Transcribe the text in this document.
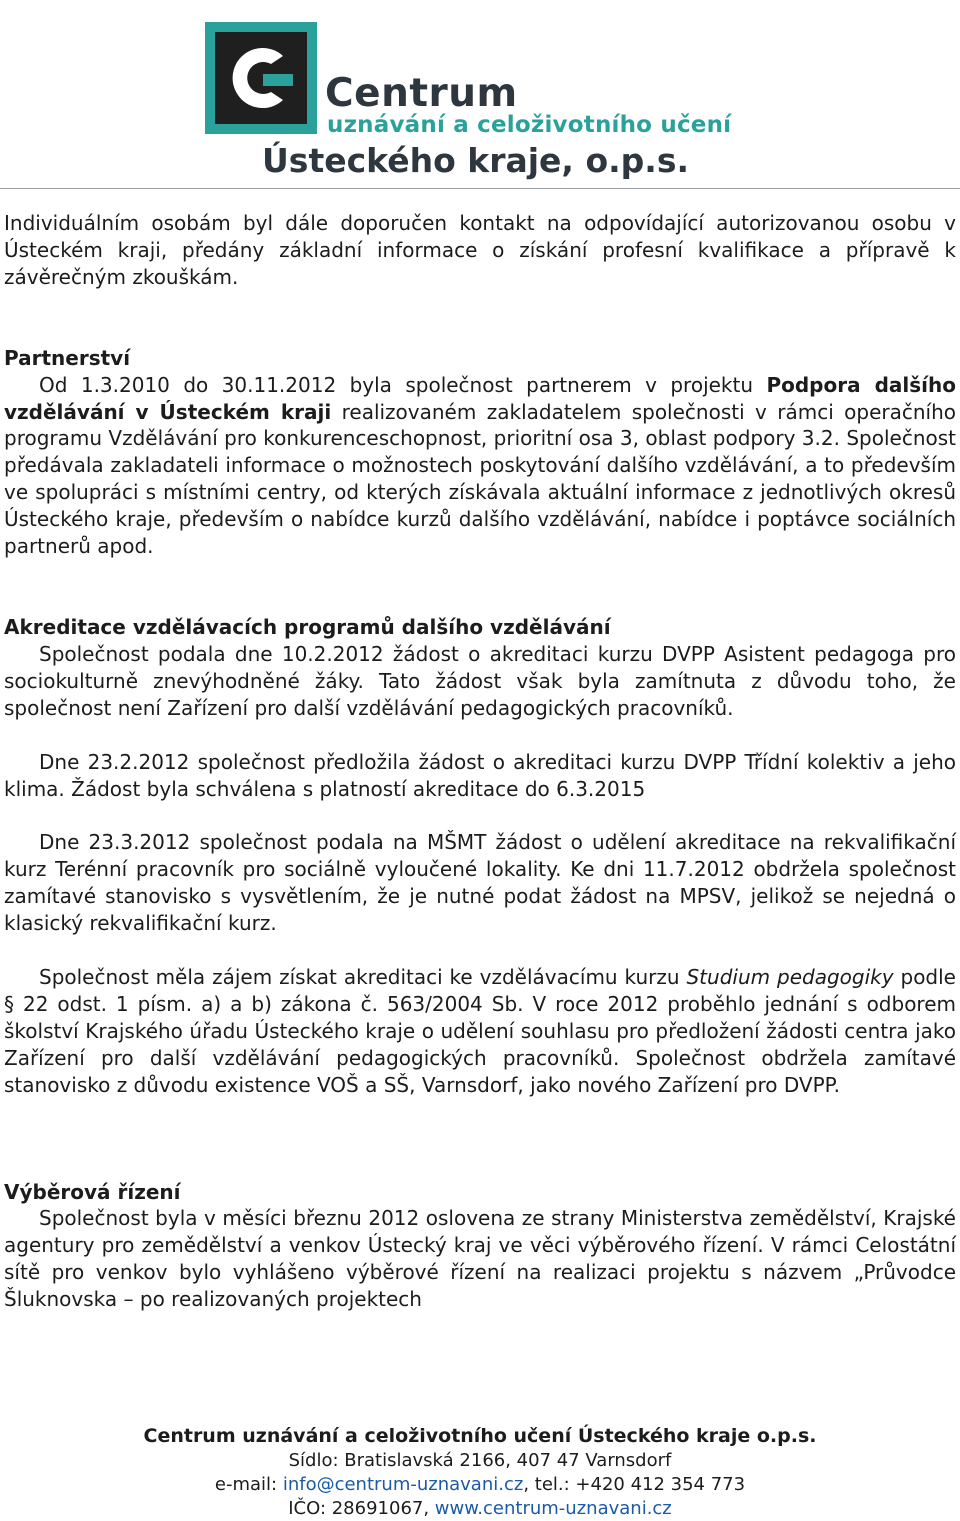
Centrum
uznávání a celoživotního učení
Ústeckého kraje, o.p.s.

Individuálním osobám byl dále doporučen kontakt na odpovídající autorizovanou osobu v Ústeckém kraji, předány základní informace o získání profesní kvalifikace a přípravě k závěrečným zkouškám.

Partnerství

Od 1.3.2010 do 30.11.2012 byla společnost partnerem v projektu Podpora dalšího vzdělávání v Ústeckém kraji realizovaném zakladatelem společnosti v rámci operačního programu Vzdělávání pro konkurenceschopnost, prioritní osa 3, oblast podpory 3.2. Společnost předávala zakladateli informace o možnostech poskytování dalšího vzdělávání, a to především ve spolupráci s místními centry, od kterých získávala aktuální informace z jednotlivých okresů Ústeckého kraje, především o nabídce kurzů dalšího vzdělávání, nabídce i poptávce sociálních partnerů apod.

Akreditace vzdělávacích programů dalšího vzdělávání

Společnost podala dne 10.2.2012 žádost o akreditaci kurzu DVPP Asistent pedagoga pro sociokulturně znevýhodněné žáky. Tato žádost však byla zamítnuta z důvodu toho, že společnost není Zařízení pro další vzdělávání pedagogických pracovníků.

Dne 23.2.2012 společnost předložila žádost o akreditaci kurzu DVPP Třídní kolektiv a jeho klima. Žádost byla schválena s platností akreditace do 6.3.2015

Dne 23.3.2012 společnost podala na MŠMT žádost o udělení akreditace na rekvalifikační kurz Terénní pracovník pro sociálně vyloučené lokality. Ke dni 11.7.2012 obdržela společnost zamítavé stanovisko s vysvětlením, že je nutné podat žádost na MPSV, jelikož se nejedná o klasický rekvalifikační kurz.

Společnost měla zájem získat akreditaci ke vzdělávacímu kurzu Studium pedagogiky podle § 22 odst. 1 písm. a) a b) zákona č. 563/2004 Sb. V roce 2012 proběhlo jednání s odborem školství Krajského úřadu Ústeckého kraje o udělení souhlasu pro předložení žádosti centra jako Zařízení pro další vzdělávání pedagogických pracovníků. Společnost obdržela zamítavé stanovisko z důvodu existence VOŠ a SŠ, Varnsdorf, jako nového Zařízení pro DVPP.

Výběrová řízení

Společnost byla v měsíci březnu 2012 oslovena ze strany Ministerstva zemědělství, Krajské agentury pro zemědělství a venkov Ústecký kraj ve věci výběrového řízení. V rámci Celostátní sítě pro venkov bylo vyhlášeno výběrové řízení na realizaci projektu s názvem „Průvodce Šluknovska – po realizovaných projektech

Centrum uznávání a celoživotního učení Ústeckého kraje o.p.s.
Sídlo: Bratislavská 2166, 407 47 Varnsdorf
e-mail: info@centrum-uznavani.cz, tel.: +420 412 354 773
IČO: 28691067, www.centrum-uznavani.cz
